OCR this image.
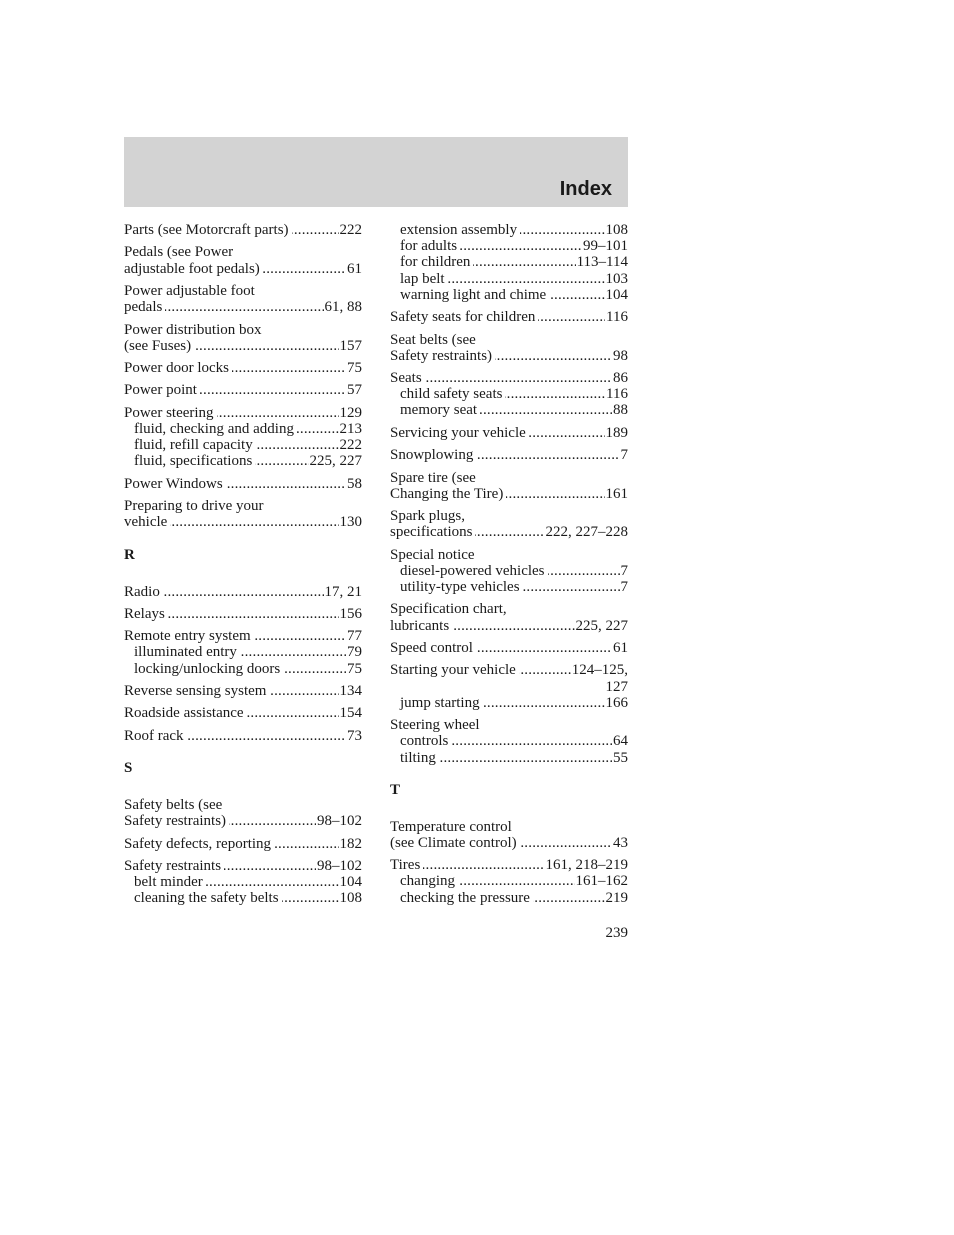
Index
..... Parts (see Motorcraft parts)	222
Pedals (see Power
..... adjustable foot pedals)	61
Power adjustable foot
..... pedals	61, 88
Power distribution box
..... (see Fuses)	157
..... Power door locks	75
..... Power point	57
..... Power steering	129
..... fluid, checking and adding	213
..... fluid, refill capacity	222
..... fluid, specifications	225, 227
..... Power Windows	58
Preparing to drive your
..... vehicle	130
R
..... Radio	17, 21
..... Relays	156
..... Remote entry system	77
..... illuminated entry	79
..... locking/unlocking doors	75
..... Reverse sensing system	134
..... Roadside assistance	154
..... Roof rack	73
S
Safety belts (see
..... Safety restraints)	98–102
..... Safety defects, reporting	182
..... Safety restraints	98–102
..... belt minder	104
..... cleaning the safety belts	108
..... extension assembly	108
..... for adults	99–101
..... for children	113–114
..... lap belt	103
..... warning light and chime	104
..... Safety seats for children	116
Seat belts (see
..... Safety restraints)	98
..... Seats	86
..... child safety seats	116
..... memory seat	88
..... Servicing your vehicle	189
..... Snowplowing	7
Spare tire (see
..... Changing the Tire)	161
Spark plugs,
..... specifications	222, 227–228
Special notice
..... diesel-powered vehicles	7
..... utility-type vehicles	7
Specification chart,
..... lubricants	225, 227
..... Speed control	61
..... Starting your vehicle	124–125,
127
..... jump starting	166
Steering wheel
..... controls	64
..... tilting	55
T
Temperature control
..... (see Climate control)	43
..... Tires	161, 218–219
..... changing	161–162
..... checking the pressure	219
239
